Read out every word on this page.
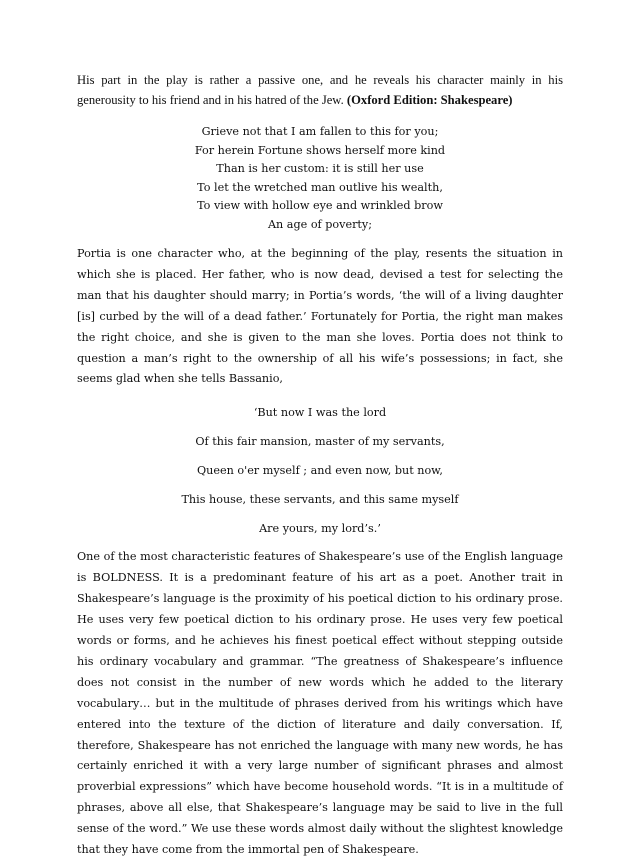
His part in the play is rather a passive one, and he reveals his character mainly in his generousity to his friend and in his hatred of the Jew. (Oxford Edition: Shakespeare)

Grieve not that I am fallen to this for you;
For herein Fortune shows herself more kind
Than is her custom: it is still her use
To let the wretched man outlive his wealth,
To view with hollow eye and wrinkled brow
An age of poverty;

Portia is one character who, at the beginning of the play, resents the situation in which she is placed. Her father, who is now dead, devised a test for selecting the man that his daughter should marry; in Portia’s words, ‘the will of a living daughter [is] curbed by the will of a dead father.’ Fortunately for Portia, the right man makes the right choice, and she is given to the man she loves. Portia does not think to question a man’s right to the ownership of all his wife’s possessions; in fact, she seems glad when she tells Bassanio,

‘But now I was the lord
Of this fair mansion, master of my servants,
Queen o'er myself ; and even now, but now,
This house, these servants, and this same myself
Are yours, my lord’s.’

One of the most characteristic features of Shakespeare’s use of the English language is BOLDNESS. It is a predominant feature of his art as a poet. Another trait in Shakespeare’s language is the proximity of his poetical diction to his ordinary prose. He uses very few poetical diction to his ordinary prose. He uses very few poetical words or forms, and he achieves his finest poetical effect without stepping outside his ordinary vocabulary and grammar. “The greatness of Shakespeare’s influence does not consist in the number of new words which he added to the literary vocabulary… but in the multitude of phrases derived from his writings which have entered into the texture of the diction of literature and daily conversation. If, therefore, Shakespeare has not enriched the language with many new words, he has certainly enriched it with a very large number of significant phrases and almost proverbial expressions” which have become household words. “It is in a multitude of phrases, above all else, that Shakespeare’s language may be said to live in the full sense of the word.” We use these words almost daily without the slightest knowledge that they have come from the immortal pen of Shakespeare.
